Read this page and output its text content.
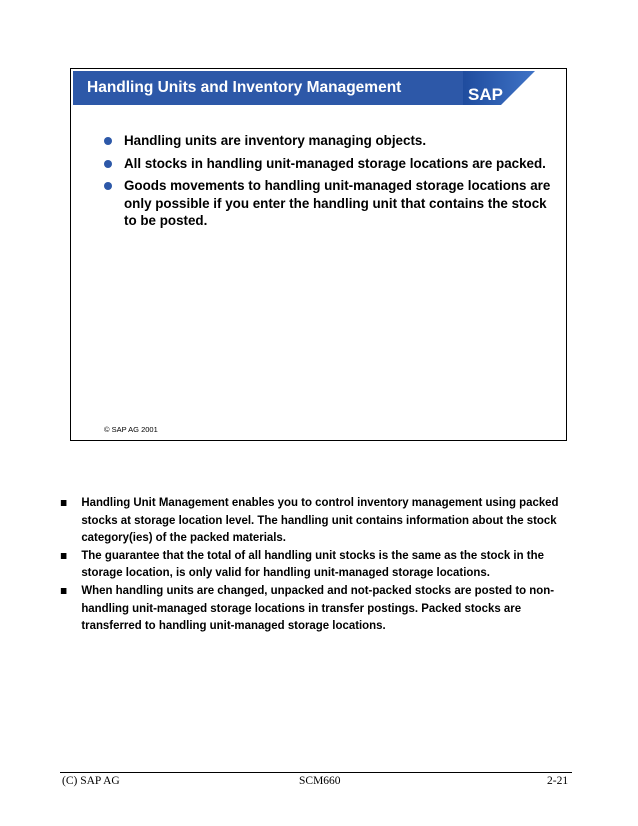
Handling Units and Inventory Management	SAP
Handling units are inventory managing objects.
All stocks in handling unit-managed storage locations are packed.
Goods movements to handling unit-managed storage locations are only possible if you enter the handling unit that contains the stock to be posted.
© SAP AG 2001
Handling Unit Management enables you to control inventory management using packed stocks at storage location level. The handling unit contains information about the stock category(ies) of the packed materials.
The guarantee that the total of all handling unit stocks is the same as the stock in the storage location, is only valid for handling unit-managed storage locations.
When handling units are changed, unpacked and not-packed stocks are posted to non-handling unit-managed storage locations in transfer postings. Packed stocks are transferred to handling unit-managed storage locations.
(C) SAP AG	SCM660	2-21
